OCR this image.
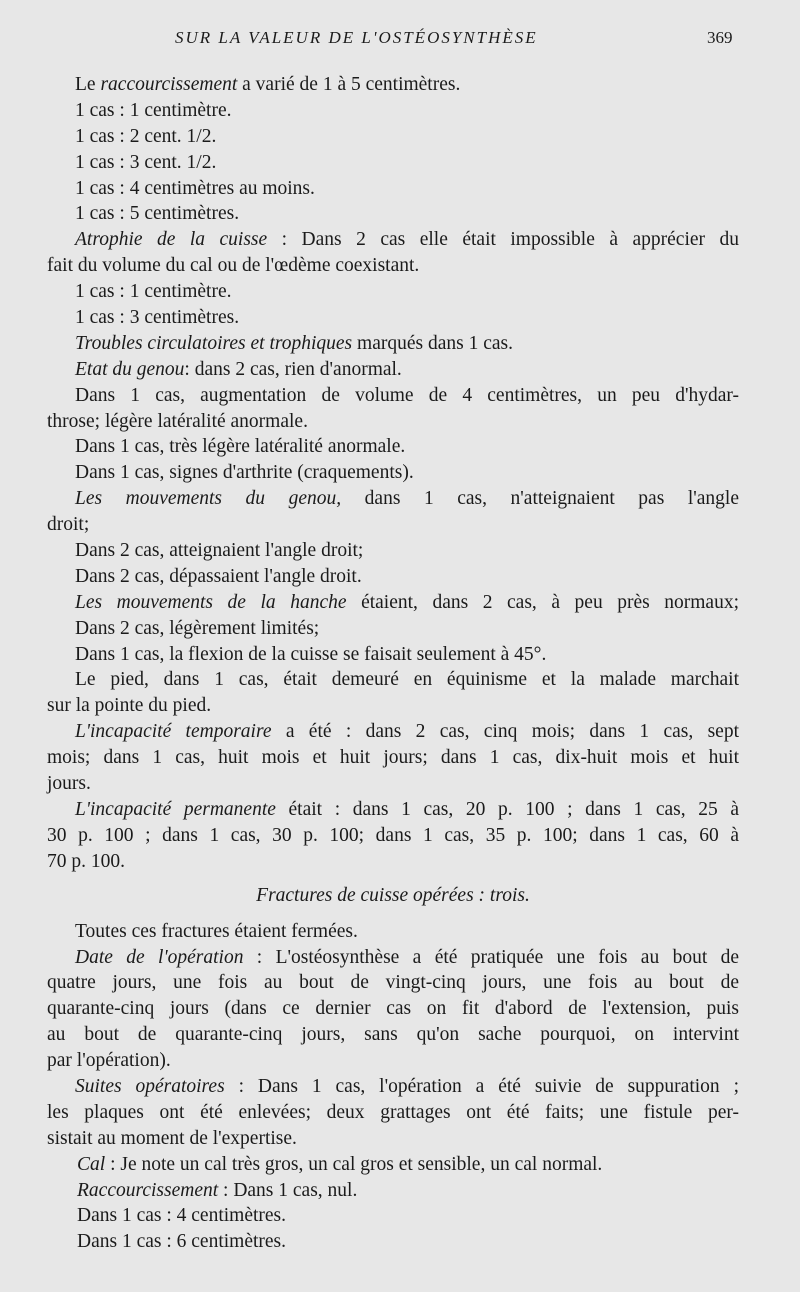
SUR LA VALEUR DE L'OSTÉOSYNTHÈSE	369
Le raccourcissement a varié de 1 à 5 centimètres.
1 cas : 1 centimètre.
1 cas : 2 cent. 1/2.
1 cas : 3 cent. 1/2.
1 cas : 4 centimètres au moins.
1 cas : 5 centimètres.
Atrophie de la cuisse : Dans 2 cas elle était impossible à apprécier du
fait du volume du cal ou de l'œdème coexistant.
1 cas : 1 centimètre.
1 cas : 3 centimètres.
Troubles circulatoires et trophiques marqués dans 1 cas.
Etat du genou: dans 2 cas, rien d'anormal.
Dans 1 cas, augmentation de volume de 4 centimètres, un peu d'hydar-
throse; légère latéralité anormale.
Dans 1 cas, très légère latéralité anormale.
Dans 1 cas, signes d'arthrite (craquements).
Les mouvements du genou, dans 1 cas, n'atteignaient pas l'angle
droit;
Dans 2 cas, atteignaient l'angle droit;
Dans 2 cas, dépassaient l'angle droit.
Les mouvements de la hanche étaient, dans 2 cas, à peu près normaux;
Dans 2 cas, légèrement limités;
Dans 1 cas, la flexion de la cuisse se faisait seulement à 45°.
Le pied, dans 1 cas, était demeuré en équinisme et la malade marchait
sur la pointe du pied.
L'incapacité temporaire a été : dans 2 cas, cinq mois; dans 1 cas, sept
mois; dans 1 cas, huit mois et huit jours; dans 1 cas, dix-huit mois et huit
jours.
L'incapacité permanente était : dans 1 cas, 20 p. 100 ; dans 1 cas, 25 à
30 p. 100 ; dans 1 cas, 30 p. 100; dans 1 cas, 35 p. 100; dans 1 cas, 60 à
70 p. 100.
Fractures de cuisse opérées : trois.
Toutes ces fractures étaient fermées.
Date de l'opération : L'ostéosynthèse a été pratiquée une fois au bout de
quatre jours, une fois au bout de vingt-cinq jours, une fois au bout de
quarante-cinq jours (dans ce dernier cas on fit d'abord de l'extension, puis
au bout de quarante-cinq jours, sans qu'on sache pourquoi, on intervint
par l'opération).
Suites opératoires : Dans 1 cas, l'opération a été suivie de suppuration ;
les plaques ont été enlevées; deux grattages ont été faits; une fistule per-
sistait au moment de l'expertise.
Cal : Je note un cal très gros, un cal gros et sensible, un cal normal.
Raccourcissement : Dans 1 cas, nul.
Dans 1 cas : 4 centimètres.
Dans 1 cas : 6 centimètres.
